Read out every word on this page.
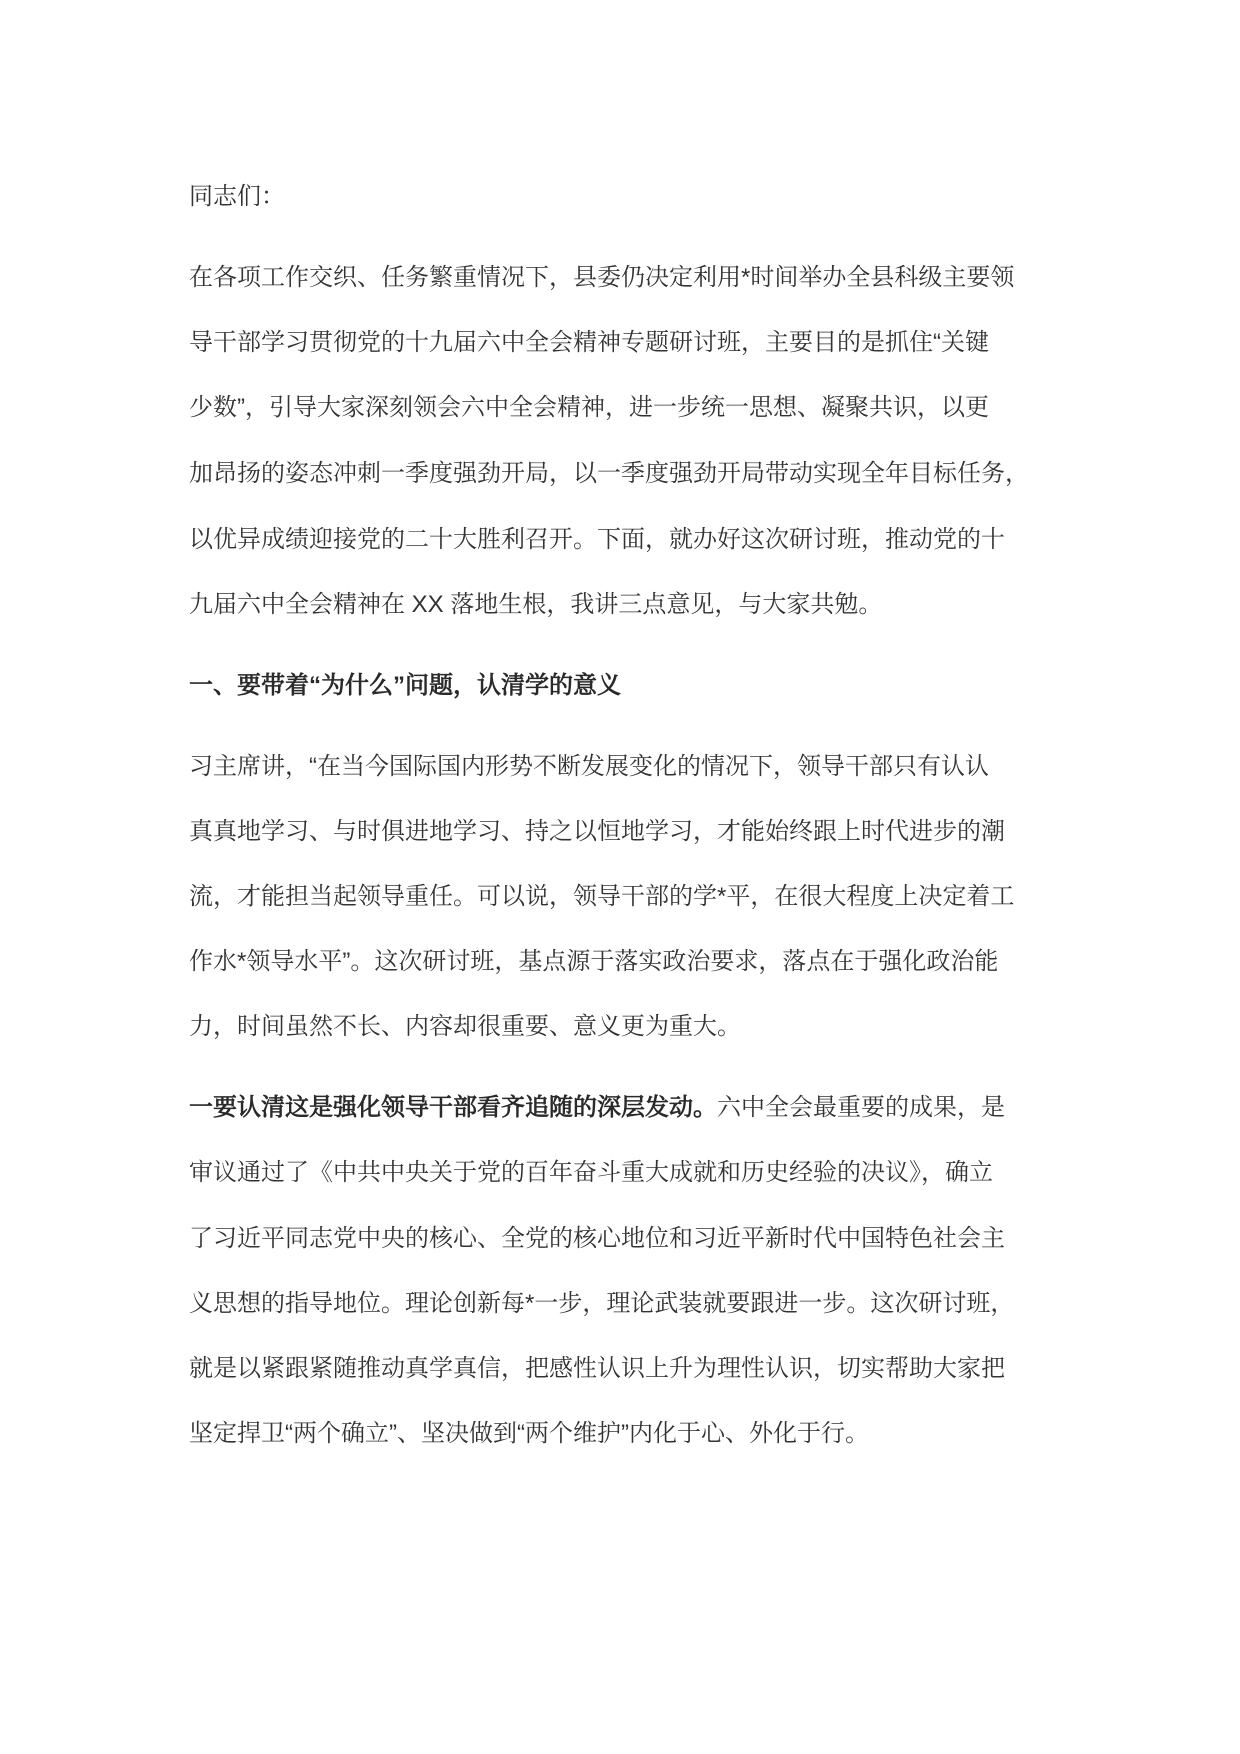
同志们：
在各项工作交织、任务繁重情况下，县委仍决定利用*时间举办全县科级主要领
导干部学习贯彻党的十九届六中全会精神专题研讨班，主要目的是抓住“关键
少数”，引导大家深刻领会六中全会精神，进一步统一思想、凝聚共识，以更
加昂扬的姿态冲刺一季度强劲开局，以一季度强劲开局带动实现全年目标任务，
以优异成绩迎接党的二十大胜利召开。下面，就办好这次研讨班，推动党的十
九届六中全会精神在 XX 落地生根，我讲三点意见，与大家共勉。
一、要带着“为什么”问题，认清学的意义
习主席讲，“在当今国际国内形势不断发展变化的情况下，领导干部只有认认
真真地学习、与时俱进地学习、持之以恒地学习，才能始终跟上时代进步的潮
流，才能担当起领导重任。可以说，领导干部的学*平，在很大程度上决定着工
作水*领导水平”。这次研讨班，基点源于落实政治要求，落点在于强化政治能
力，时间虽然不长、内容却很重要、意义更为重大。
一要认清这是强化领导干部看齐追随的深层发动。六中全会最重要的成果，是
审议通过了《中共中央关于党的百年奋斗重大成就和历史经验的决议》，确立
了习近平同志党中央的核心、全党的核心地位和习近平新时代中国特色社会主
义思想的指导地位。理论创新每*一步，理论武装就要跟进一步。这次研讨班，
就是以紧跟紧随推动真学真信，把感性认识上升为理性认识，切实帮助大家把
坚定捍卫“两个确立”、坚决做到“两个维护”内化于心、外化于行。
